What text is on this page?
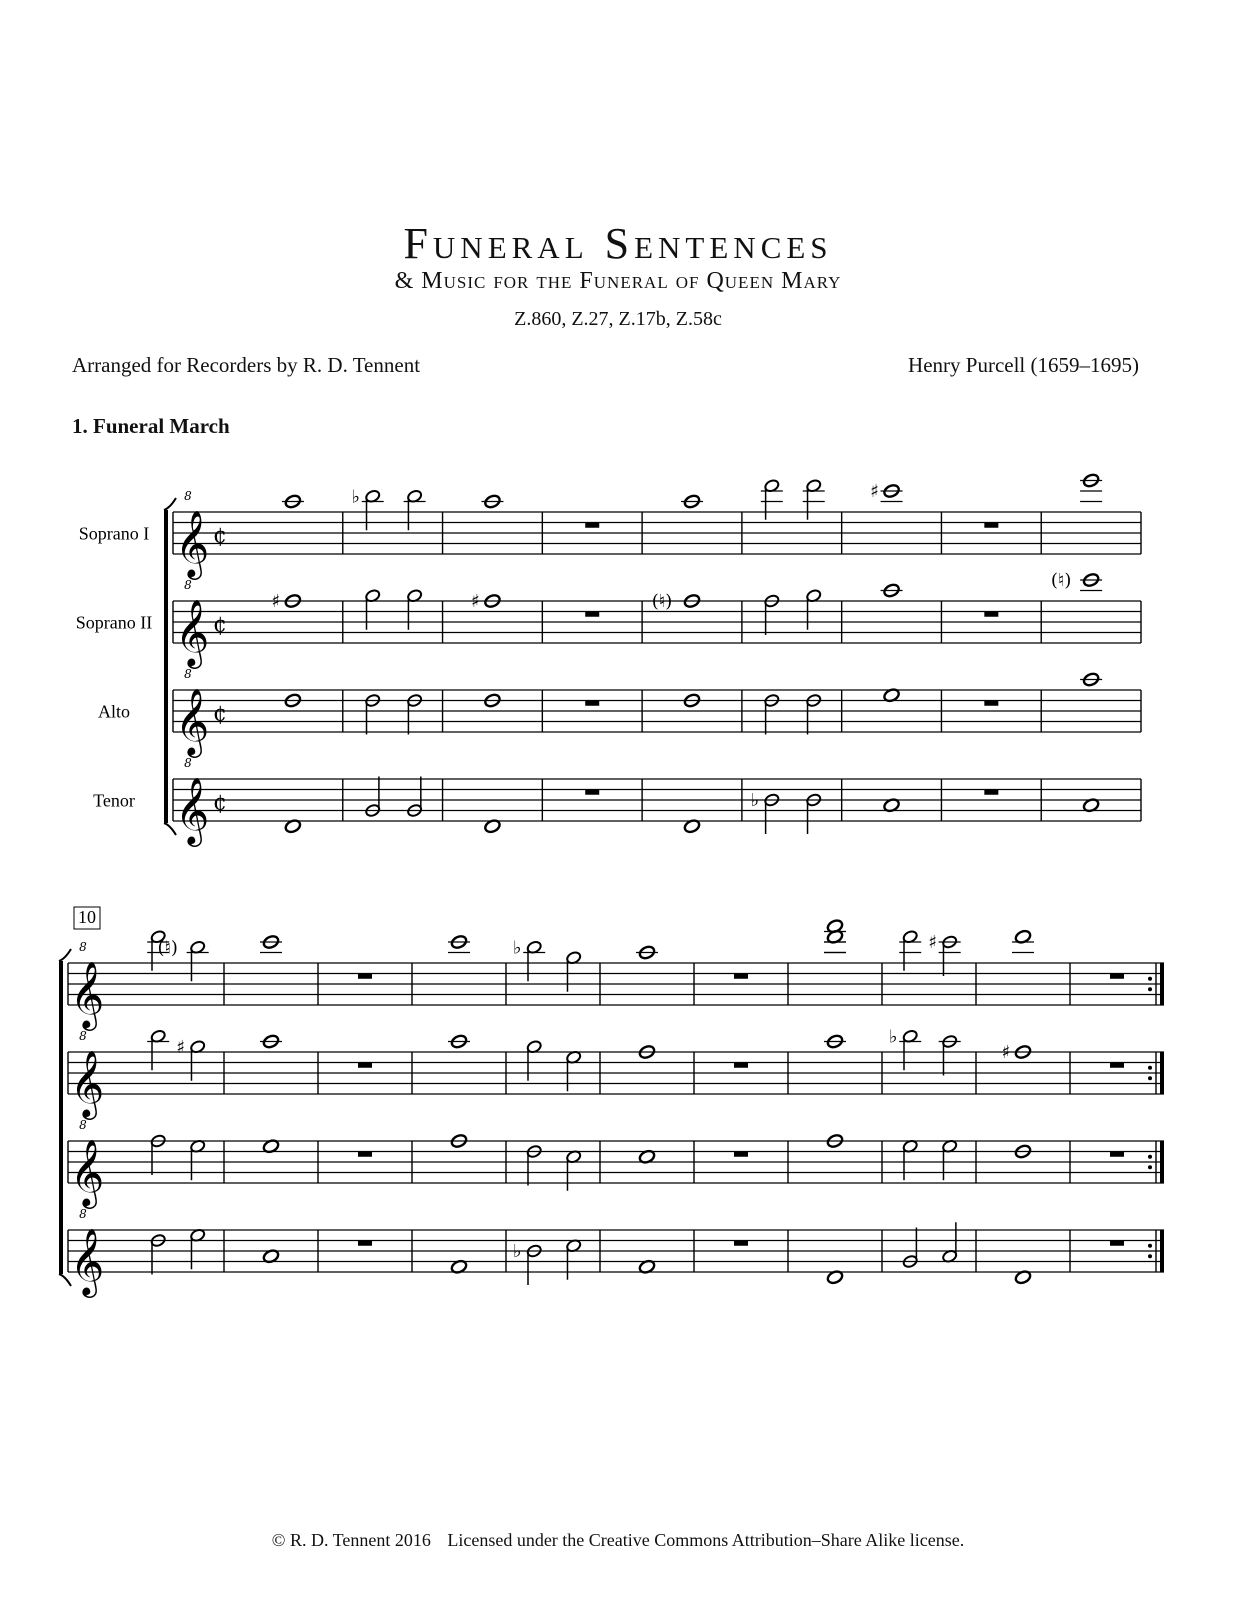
Funeral Sentences
& Music for the Funeral of Queen Mary
Z.860, Z.27, Z.17b, Z.58c
Arranged for Recorders by R. D. Tennent	Henry Purcell (1659–1695)
1. Funeral March
Soprano I 𝄞
8
¢
♭	♯
Soprano II 𝄞
8
¢
♯	♯	(♮)
(♮)
Alto 𝄞
8
¢
Tenor 𝄞
8
¢	♭
10
𝄞
8	(♮)	♭	♯
𝄞
8
♯	♭
♯
𝄞
8
𝄞
8
♭
© R. D. Tennent 2016 Licensed under the Creative Commons Attribution–Share Alike license.
